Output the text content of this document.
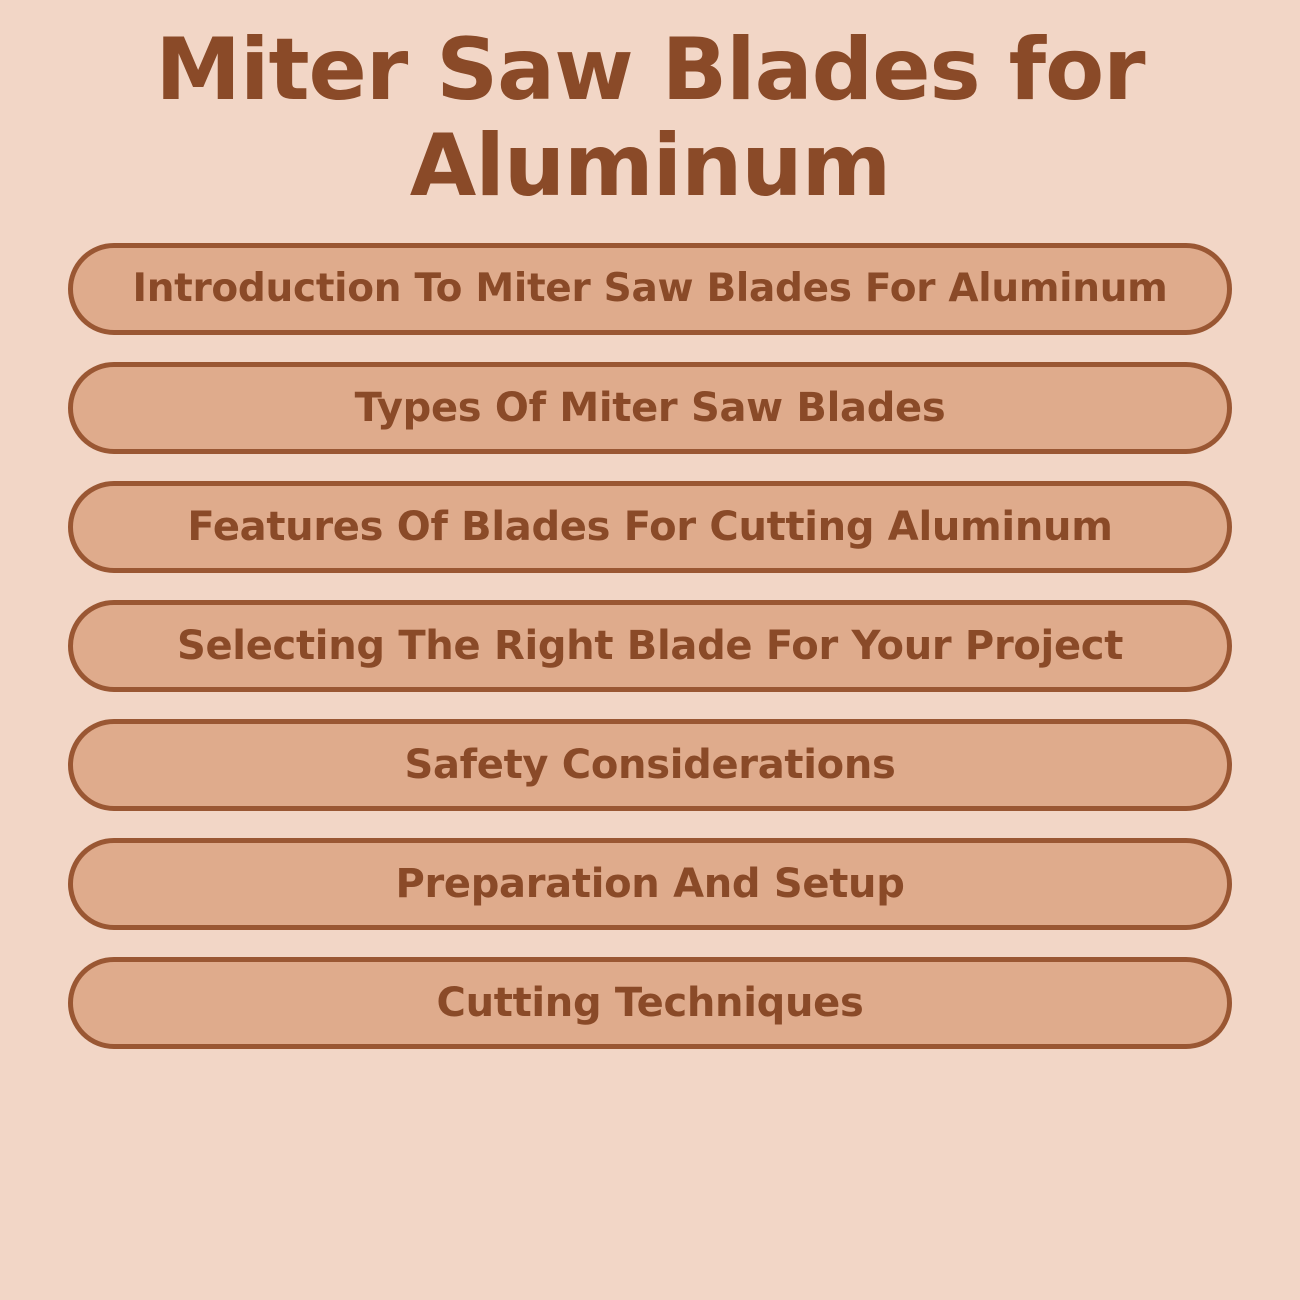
Miter Saw Blades for Aluminum
Introduction To Miter Saw Blades For Aluminum
Types Of Miter Saw Blades
Features Of Blades For Cutting Aluminum
Selecting The Right Blade For Your Project
Safety Considerations
Preparation And Setup
Cutting Techniques
